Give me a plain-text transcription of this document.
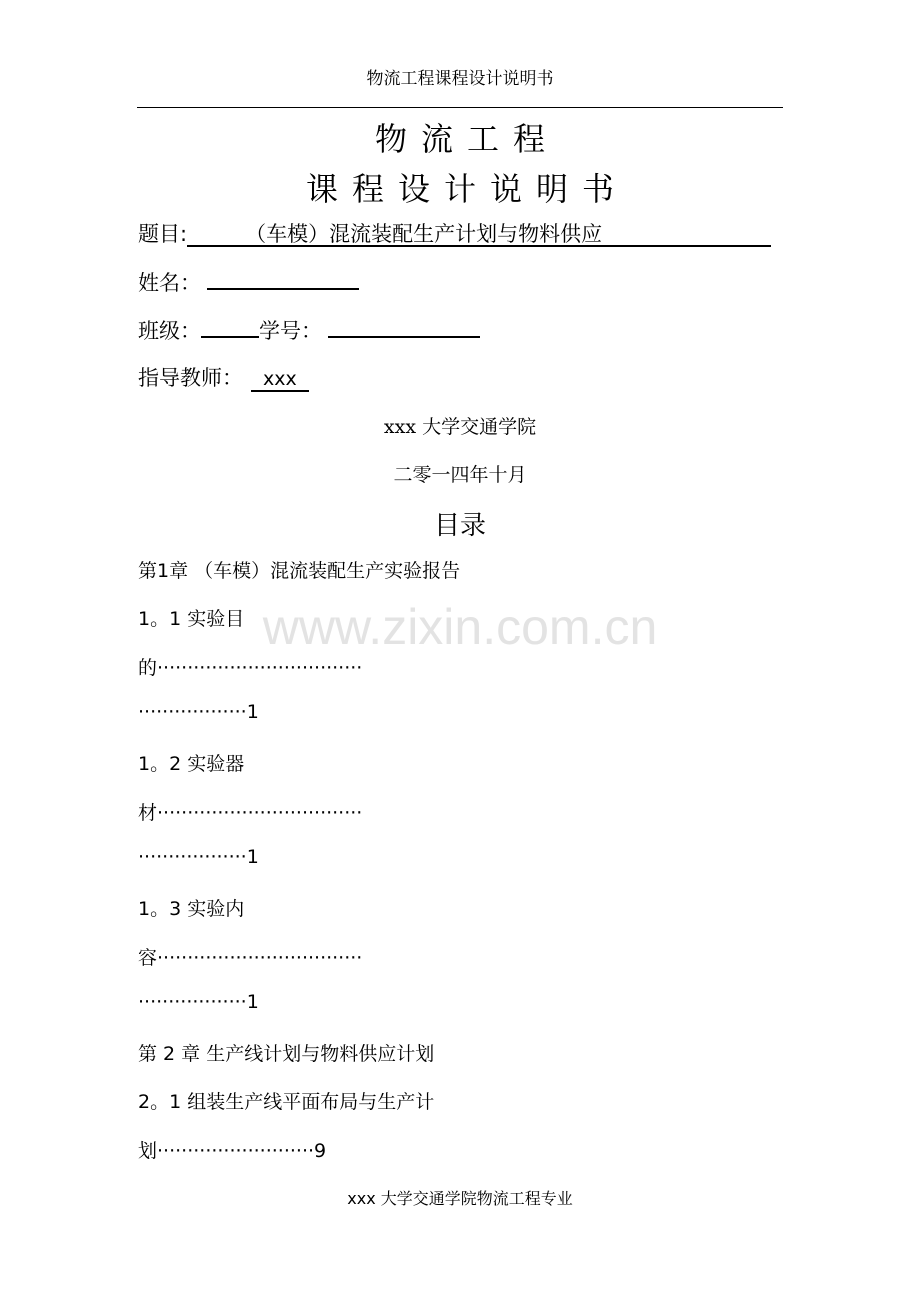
物流工程课程设计说明书
物流工程
课程设计说明书
题目:	（车模）混流装配生产计划与物料供应
姓名：
班级：	学号：
指导教师： xxx
xxx 大学交通学院
二零一四年十月
目录
第1章 （车模）混流装配生产实验报告
1。1 实验目
的··································
··················1
1。2 实验器
材··································
··················1
1。3 实验内
容··································
··················1
第 2 章 生产线计划与物料供应计划
2。1 组装生产线平面布局与生产计
划··························9
www.zixin.com.cn
xxx 大学交通学院物流工程专业
